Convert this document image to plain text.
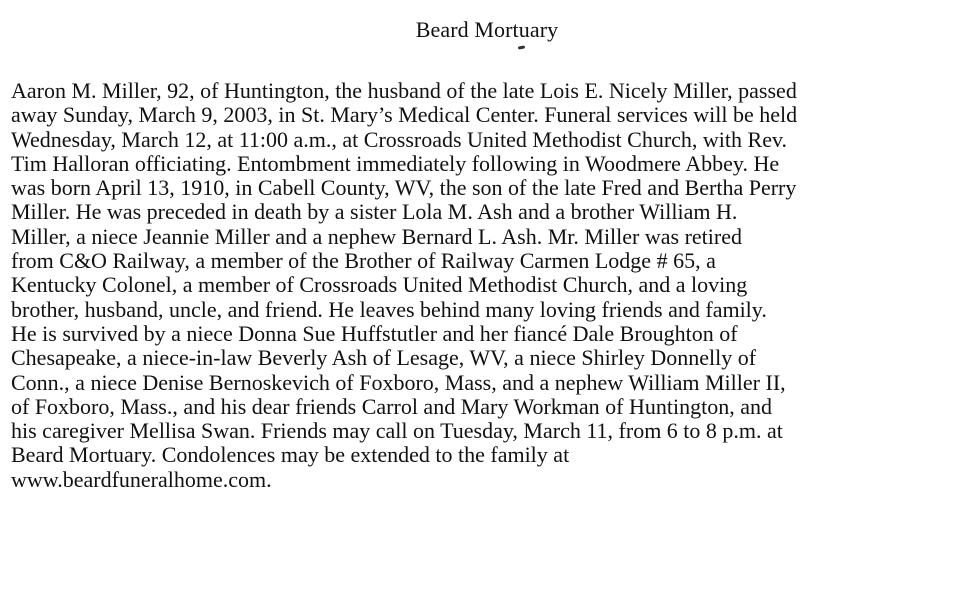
Beard Mortuary
Aaron M. Miller, 92, of Huntington, the husband of the late Lois E. Nicely Miller, passed
away Sunday, March 9, 2003, in St. Mary’s Medical Center. Funeral services will be held
Wednesday, March 12, at 11:00 a.m., at Crossroads United Methodist Church, with Rev.
Tim Halloran officiating. Entombment immediately following in Woodmere Abbey. He
was born April 13, 1910, in Cabell County, WV, the son of the late Fred and Bertha Perry
Miller. He was preceded in death by a sister Lola M. Ash and a brother William H.
Miller, a niece Jeannie Miller and a nephew Bernard L. Ash. Mr. Miller was retired
from C&O Railway, a member of the Brother of Railway Carmen Lodge # 65, a
Kentucky Colonel, a member of Crossroads United Methodist Church, and a loving
brother, husband, uncle, and friend. He leaves behind many loving friends and family.
He is survived by a niece Donna Sue Huffstutler and her fiancé Dale Broughton of
Chesapeake, a niece-in-law Beverly Ash of Lesage, WV, a niece Shirley Donnelly of
Conn., a niece Denise Bernoskevich of Foxboro, Mass, and a nephew William Miller II,
of Foxboro, Mass., and his dear friends Carrol and Mary Workman of Huntington, and
his caregiver Mellisa Swan. Friends may call on Tuesday, March 11, from 6 to 8 p.m. at
Beard Mortuary. Condolences may be extended to the family at
www.beardfuneralhome.com.
